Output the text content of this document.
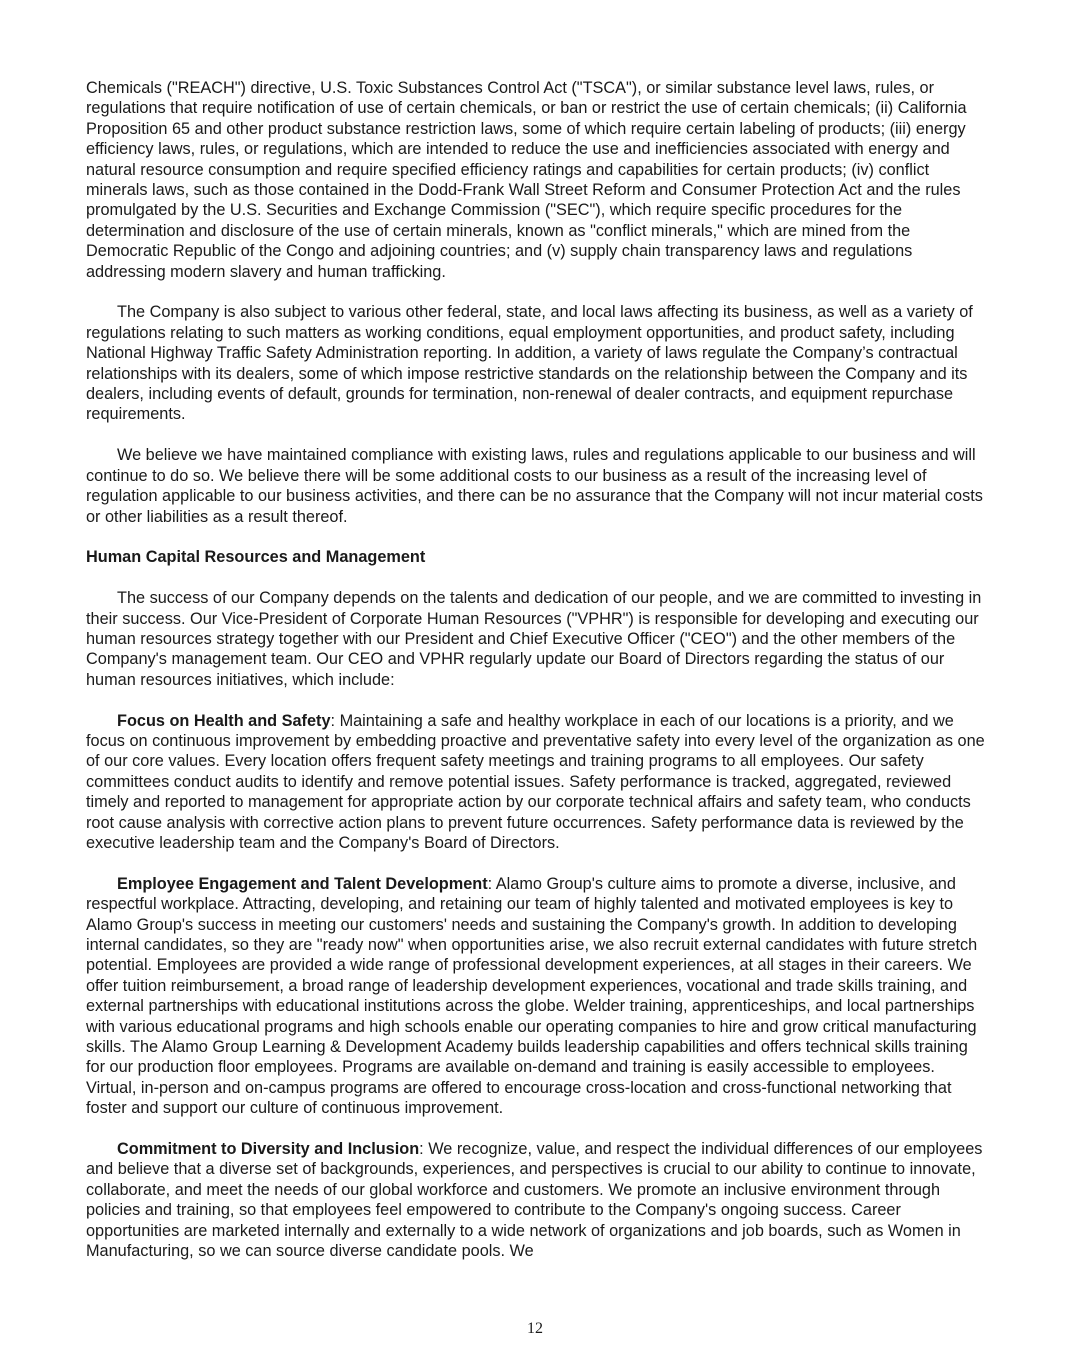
Chemicals ("REACH") directive, U.S. Toxic Substances Control Act ("TSCA"), or similar substance level laws, rules, or regulations that require notification of use of certain chemicals, or ban or restrict the use of certain chemicals; (ii) California Proposition 65 and other product substance restriction laws, some of which require certain labeling of products; (iii) energy efficiency laws, rules, or regulations, which are intended to reduce the use and inefficiencies associated with energy and natural resource consumption and require specified efficiency ratings and capabilities for certain products; (iv) conflict minerals laws, such as those contained in the Dodd-Frank Wall Street Reform and Consumer Protection Act and the rules promulgated by the U.S. Securities and Exchange Commission ("SEC"), which require specific procedures for the determination and disclosure of the use of certain minerals, known as "conflict minerals," which are mined from the Democratic Republic of the Congo and adjoining countries; and (v) supply chain transparency laws and regulations addressing modern slavery and human trafficking.

The Company is also subject to various other federal, state, and local laws affecting its business, as well as a variety of regulations relating to such matters as working conditions, equal employment opportunities, and product safety, including National Highway Traffic Safety Administration reporting. In addition, a variety of laws regulate the Company’s contractual relationships with its dealers, some of which impose restrictive standards on the relationship between the Company and its dealers, including events of default, grounds for termination, non-renewal of dealer contracts, and equipment repurchase requirements.

We believe we have maintained compliance with existing laws, rules and regulations applicable to our business and will continue to do so. We believe there will be some additional costs to our business as a result of the increasing level of regulation applicable to our business activities, and there can be no assurance that the Company will not incur material costs or other liabilities as a result thereof.

Human Capital Resources and Management

The success of our Company depends on the talents and dedication of our people, and we are committed to investing in their success. Our Vice-President of Corporate Human Resources ("VPHR") is responsible for developing and executing our human resources strategy together with our President and Chief Executive Officer ("CEO") and the other members of the Company's management team. Our CEO and VPHR regularly update our Board of Directors regarding the status of our human resources initiatives, which include:

Focus on Health and Safety: Maintaining a safe and healthy workplace in each of our locations is a priority, and we focus on continuous improvement by embedding proactive and preventative safety into every level of the organization as one of our core values. Every location offers frequent safety meetings and training programs to all employees. Our safety committees conduct audits to identify and remove potential issues. Safety performance is tracked, aggregated, reviewed timely and reported to management for appropriate action by our corporate technical affairs and safety team, who conducts root cause analysis with corrective action plans to prevent future occurrences. Safety performance data is reviewed by the executive leadership team and the Company's Board of Directors.

Employee Engagement and Talent Development: Alamo Group's culture aims to promote a diverse, inclusive, and respectful workplace. Attracting, developing, and retaining our team of highly talented and motivated employees is key to Alamo Group's success in meeting our customers' needs and sustaining the Company's growth. In addition to developing internal candidates, so they are "ready now" when opportunities arise, we also recruit external candidates with future stretch potential. Employees are provided a wide range of professional development experiences, at all stages in their careers. We offer tuition reimbursement, a broad range of leadership development experiences, vocational and trade skills training, and external partnerships with educational institutions across the globe. Welder training, apprenticeships, and local partnerships with various educational programs and high schools enable our operating companies to hire and grow critical manufacturing skills. The Alamo Group Learning & Development Academy builds leadership capabilities and offers technical skills training for our production floor employees. Programs are available on-demand and training is easily accessible to employees. Virtual, in-person and on-campus programs are offered to encourage cross-location and cross-functional networking that foster and support our culture of continuous improvement.

Commitment to Diversity and Inclusion: We recognize, value, and respect the individual differences of our employees and believe that a diverse set of backgrounds, experiences, and perspectives is crucial to our ability to continue to innovate, collaborate, and meet the needs of our global workforce and customers. We promote an inclusive environment through policies and training, so that employees feel empowered to contribute to the Company's ongoing success. Career opportunities are marketed internally and externally to a wide network of organizations and job boards, such as Women in Manufacturing, so we can source diverse candidate pools. We

12
